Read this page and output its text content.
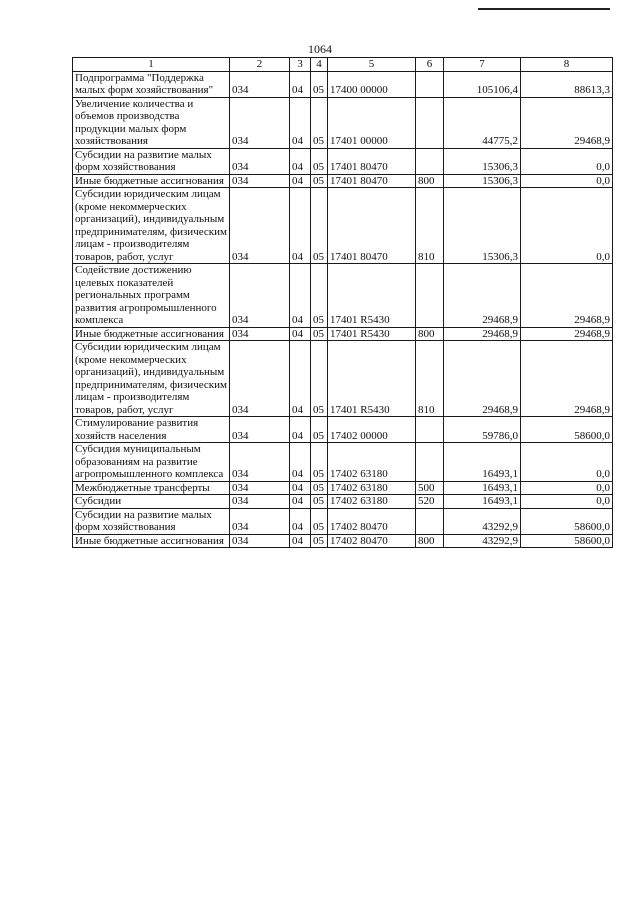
1064
1	2	3	4	5	6	7	8
Подпрограмма "Поддержка малых форм хозяйствования"	034	04	05	17400 00000		105106,4	88613,3
Увеличение количества и объемов производства продукции малых форм хозяйствования	034	04	05	17401 00000		44775,2	29468,9
Субсидии на развитие малых форм хозяйствования	034	04	05	17401 80470		15306,3	0,0
Иные бюджетные ассигнования	034	04	05	17401 80470	800	15306,3	0,0
Субсидии юридическим лицам (кроме некоммерческих организаций), индивидуальным предпринимателям, физическим лицам - производителям товаров, работ, услуг	034	04	05	17401 80470	810	15306,3	0,0
Содействие достижению целевых показателей региональных программ развития агропромышленного комплекса	034	04	05	17401 R5430		29468,9	29468,9
Иные бюджетные ассигнования	034	04	05	17401 R5430	800	29468,9	29468,9
Субсидии юридическим лицам (кроме некоммерческих организаций), индивидуальным предпринимателям, физическим лицам - производителям товаров, работ, услуг	034	04	05	17401 R5430	810	29468,9	29468,9
Стимулирование развития хозяйств населения	034	04	05	17402 00000		59786,0	58600,0
Субсидия муниципальным образованиям на развитие агропромышленного комплекса	034	04	05	17402 63180		16493,1	0,0
Межбюджетные трансферты	034	04	05	17402 63180	500	16493,1	0,0
Субсидии	034	04	05	17402 63180	520	16493,1	0,0
Субсидии на развитие малых форм хозяйствования	034	04	05	17402 80470		43292,9	58600,0
Иные бюджетные ассигнования	034	04	05	17402 80470	800	43292,9	58600,0
